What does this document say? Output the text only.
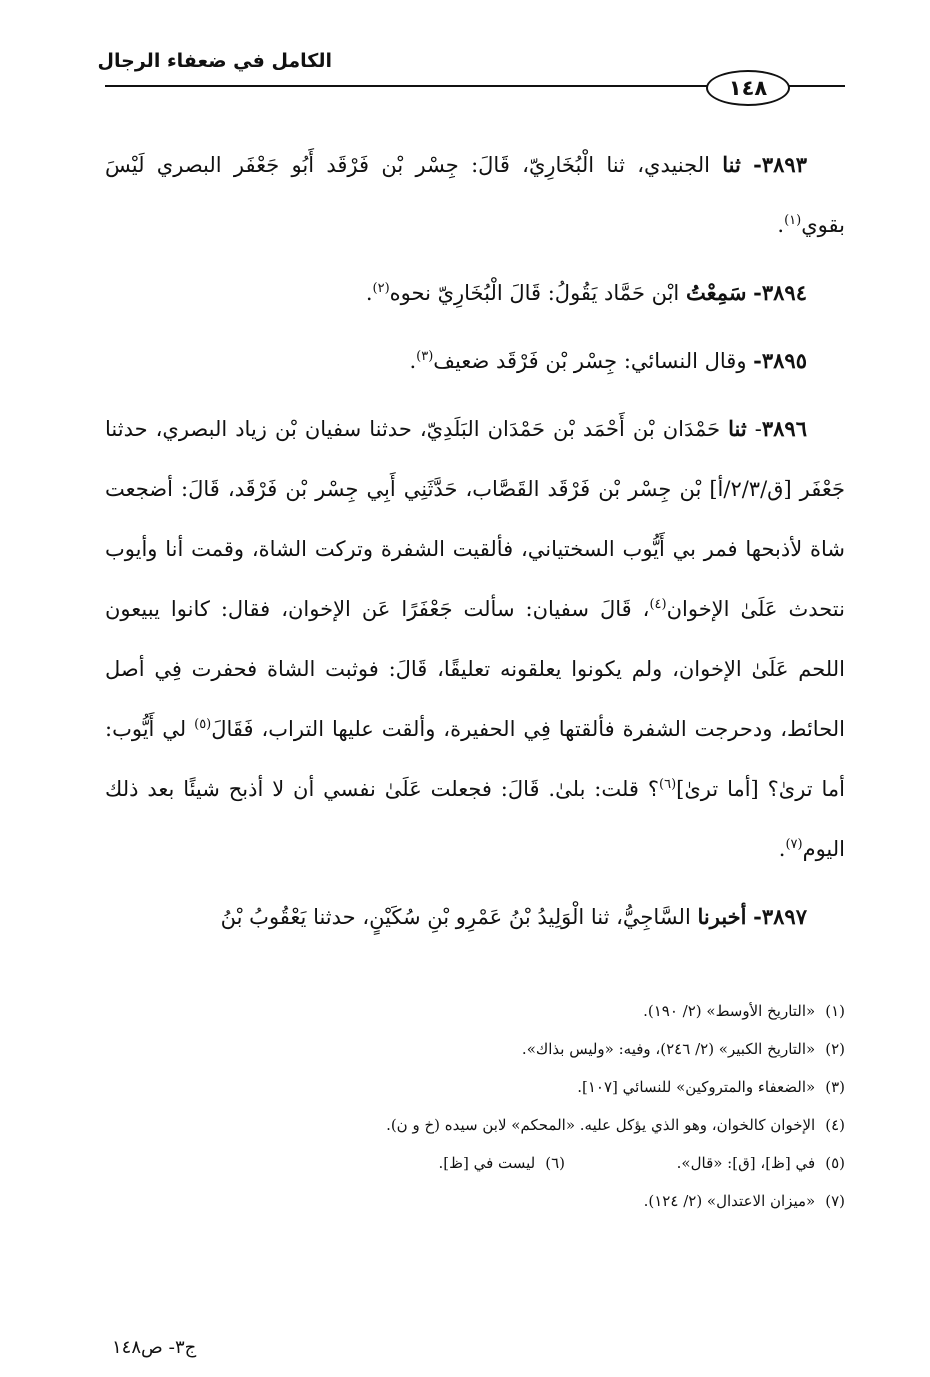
الكامل في ضعفاء الرجال
١٤٨

٣٨٩٣- ثنا الجنيدي، ثنا الْبُخَارِيّ، قَالَ: جِسْر بْن فَرْقَد أَبُو جَعْفَر البصري لَيْسَ بقوي$^{(١)}$.

٣٨٩٤- سَمِعْتُ ابْن حَمَّاد يَقُولُ: قَالَ الْبُخَارِيّ نحوه$^{(٢)}$.

٣٨٩٥- وقال النسائي: جِسْر بْن فَرْقَد ضعيف$^{(٣)}$.

٣٨٩٦- ثنا حَمْدَان بْن أَحْمَد بْن حَمْدَان البَلَدِيّ، حدثنا سفيان بْن زياد البصري، حدثنا جَعْفَر [ق/٢/٣/أ] بْن جِسْر بْن فَرْقَد القَصَّاب، حَدَّثَنِي أَبِي جِسْر بْن فَرْقَد، قَالَ: أضجعت شاة لأذبحها فمر بي أَيُّوب السختياني، فألقيت الشفرة وتركت الشاة، وقمت أنا وأيوب نتحدث عَلَىٰ الإخوان$^{(٤)}$، قَالَ سفيان: سألت جَعْفَرًا عَن الإخوان، فقال: كانوا يبيعون اللحم عَلَىٰ الإخوان، ولم يكونوا يعلقونه تعليقًا، قَالَ: فوثبت الشاة فحفرت فِي أصل الحائط، ودحرجت الشفرة فألقتها فِي الحفيرة، وألقت عليها التراب، فَقَالَ$^{(٥)}$ لي أَيُّوب: أما ترىٰ؟ [أما ترىٰ]$^{(٦)}$؟ قلت: بلىٰ. قَالَ: فجعلت عَلَىٰ نفسي أن لا أذبح شيئًا بعد ذلك اليوم$^{(٧)}$.

٣٨٩٧- أخبرنا السَّاجِيُّ، ثنا الْوَلِيدُ بْنُ عَمْرِو بْنِ سُكَيْنٍ، حدثنا يَعْقُوبُ بْنُ

(١)«التاريخ الأوسط» (٢/ ١٩٠).

(٢)«التاريخ الكبير» (٢/ ٢٤٦)، وفيه: «وليس بذاك».

(٣)«الضعفاء والمتروكين» للنسائي [١٠٧].

(٤)الإخوان كالخوان، وهو الذي يؤكل عليه. «المحكم» لابن سيده (خ و ن).

(٥)في [ظ]، [ق]: «قال».

(٦)ليست في [ظ].

(٧)«ميزان الاعتدال» (٢/ ١٢٤).

ج٣- ص١٤٨
